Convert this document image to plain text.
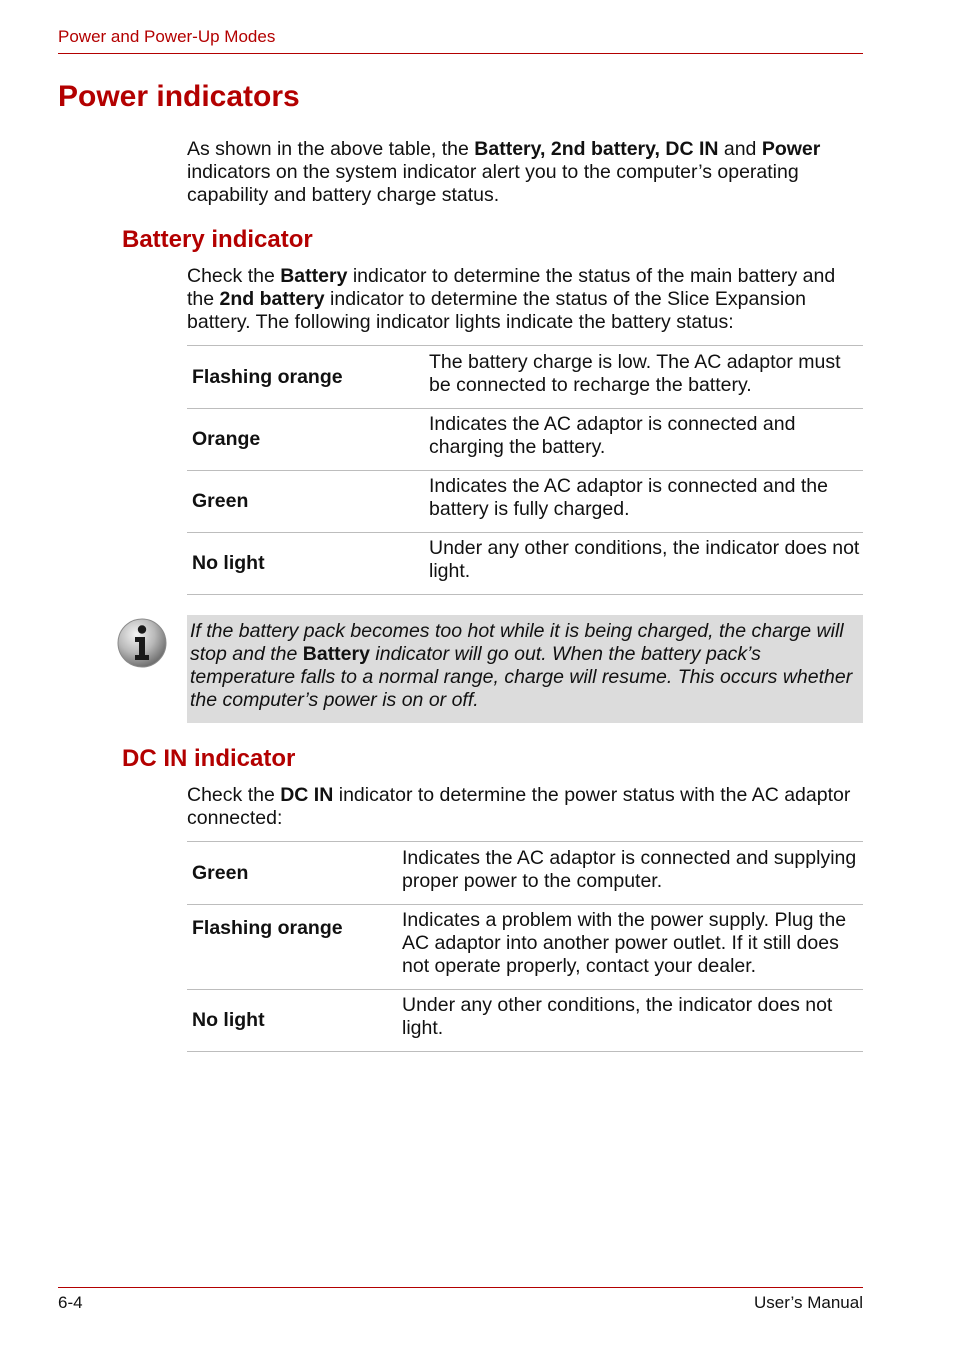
Power and Power-Up Modes
Power indicators

As shown in the above table, the Battery, 2nd battery, DC IN and Power indicators on the system indicator alert you to the computer’s operating capability and battery charge status.

Battery indicator

Check the Battery indicator to determine the status of the main battery and the 2nd battery indicator to determine the status of the Slice Expansion battery. The following indicator lights indicate the battery status:

Flashing orange	The battery charge is low. The AC adaptor must be connected to recharge the battery.
Orange	Indicates the AC adaptor is connected and charging the battery.
Green	Indicates the AC adaptor is connected and the battery is fully charged.
No light	Under any other conditions, the indicator does not light.

If the battery pack becomes too hot while it is being charged, the charge will stop and the Battery indicator will go out. When the battery pack’s temperature falls to a normal range, charge will resume. This occurs whether the computer’s power is on or off.

DC IN indicator

Check the DC IN indicator to determine the power status with the AC adaptor connected:

Green	Indicates the AC adaptor is connected and supplying proper power to the computer.
Flashing orange	Indicates a problem with the power supply. Plug the AC adaptor into another power outlet. If it still does not operate properly, contact your dealer.
No light	Under any other conditions, the indicator does not light.
6-4	User’s Manual
